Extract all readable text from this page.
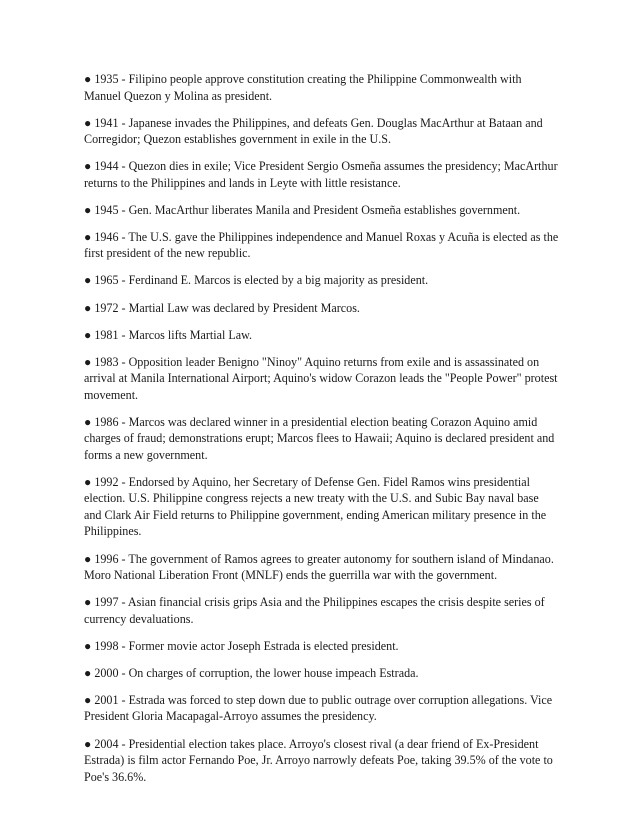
● 1935 - Filipino people approve constitution creating the Philippine Commonwealth with Manuel Quezon y Molina as president.
● 1941 - Japanese invades the Philippines, and defeats Gen. Douglas MacArthur at Bataan and Corregidor; Quezon establishes government in exile in the U.S.
● 1944 - Quezon dies in exile; Vice President Sergio Osmeña assumes the presidency; MacArthur returns to the Philippines and lands in Leyte with little resistance.
● 1945 - Gen. MacArthur liberates Manila and President Osmeña establishes government.
● 1946 - The U.S. gave the Philippines independence and Manuel Roxas y Acuña is elected as the first president of the new republic.
● 1965 - Ferdinand E. Marcos is elected by a big majority as president.
● 1972 - Martial Law was declared by President Marcos.
● 1981 - Marcos lifts Martial Law.
● 1983 - Opposition leader Benigno "Ninoy" Aquino returns from exile and is assassinated on arrival at Manila International Airport; Aquino's widow Corazon leads the "People Power" protest movement.
● 1986 - Marcos was declared winner in a presidential election beating Corazon Aquino amid charges of fraud; demonstrations erupt; Marcos flees to Hawaii; Aquino is declared president and forms a new government.
● 1992 - Endorsed by Aquino, her Secretary of Defense Gen. Fidel Ramos wins presidential election. U.S. Philippine congress rejects a new treaty with the U.S. and Subic Bay naval base and Clark Air Field returns to Philippine government, ending American military presence in the Philippines.
● 1996 - The government of Ramos agrees to greater autonomy for southern island of Mindanao. Moro National Liberation Front (MNLF) ends the guerrilla war with the government.
● 1997 - Asian financial crisis grips Asia and the Philippines escapes the crisis despite series of currency devaluations.
● 1998 - Former movie actor Joseph Estrada is elected president.
● 2000 - On charges of corruption, the lower house impeach Estrada.
● 2001 - Estrada was forced to step down due to public outrage over corruption allegations. Vice President Gloria Macapagal-Arroyo assumes the presidency.
● 2004 - Presidential election takes place. Arroyo's closest rival (a dear friend of Ex-President Estrada) is film actor Fernando Poe, Jr. Arroyo narrowly defeats Poe, taking 39.5% of the vote to Poe's 36.6%.
